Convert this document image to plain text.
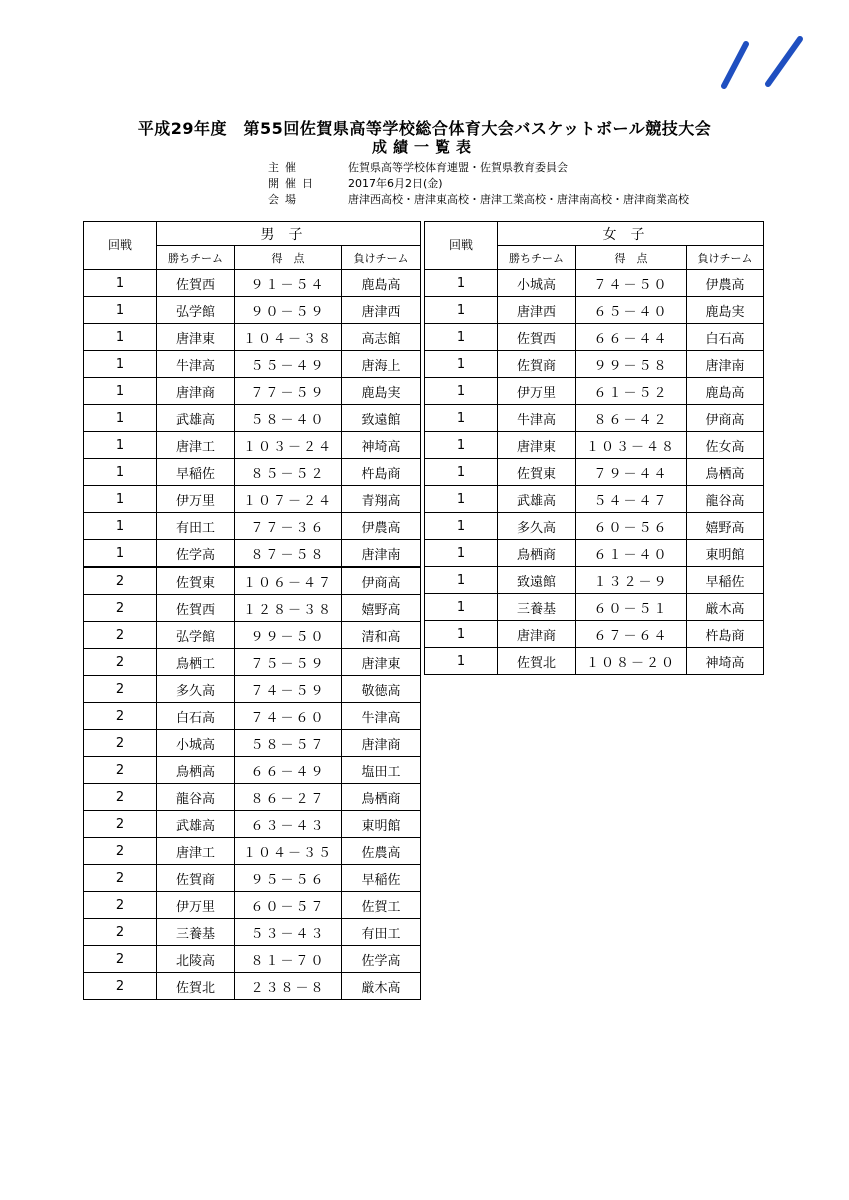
平成29年度　第55回佐賀県高等学校総合体育大会バスケットボール競技大会
成績一覧表
主催	佐賀県高等学校体育連盟・佐賀県教育委員会
開催日	2017年6月2日(金)
会場	唐津西高校・唐津東高校・唐津工業高校・唐津南高校・唐津商業高校
回戦	男子		
	勝ちチーム	得　点	負けチーム
1	佐賀西	９１－５４	鹿島高
1	弘学館	９０－５９	唐津西
1	唐津東	１０４－３８	高志館
1	牛津高	５５－４９	唐海上
1	唐津商	７７－５９	鹿島実
1	武雄高	５８－４０	致遠館
1	唐津工	１０３－２４	神埼高
1	早稲佐	８５－５２	杵島商
1	伊万里	１０７－２４	青翔高
1	有田工	７７－３６	伊農高
1	佐学高	８７－５８	唐津南
2	佐賀東	１０６－４７	伊商高
2	佐賀西	１２８－３８	嬉野高
2	弘学館	９９－５０	清和高
2	鳥栖工	７５－５９	唐津東
2	多久高	７４－５９	敬徳高
2	白石高	７４－６０	牛津高
2	小城高	５８－５７	唐津商
2	鳥栖高	６６－４９	塩田工
2	龍谷高	８６－２７	鳥栖商
2	武雄高	６３－４３	東明館
2	唐津工	１０４－３５	佐農高
2	佐賀商	９５－５６	早稲佐
2	伊万里	６０－５７	佐賀工
2	三養基	５３－４３	有田工
2	北陵高	８１－７０	佐学高
2	佐賀北	２３８－８	厳木高
回戦	女子		
	勝ちチーム	得　点	負けチーム
1	小城高	７４－５０	伊農高
1	唐津西	６５－４０	鹿島実
1	佐賀西	６６－４４	白石高
1	佐賀商	９９－５８	唐津南
1	伊万里	６１－５２	鹿島高
1	牛津高	８６－４２	伊商高
1	唐津東	１０３－４８	佐女高
1	佐賀東	７９－４４	鳥栖高
1	武雄高	５４－４７	龍谷高
1	多久高	６０－５６	嬉野高
1	鳥栖商	６１－４０	東明館
1	致遠館	１３２－９	早稲佐
1	三養基	６０－５１	厳木高
1	唐津商	６７－６４	杵島商
1	佐賀北	１０８－２０	神埼高
